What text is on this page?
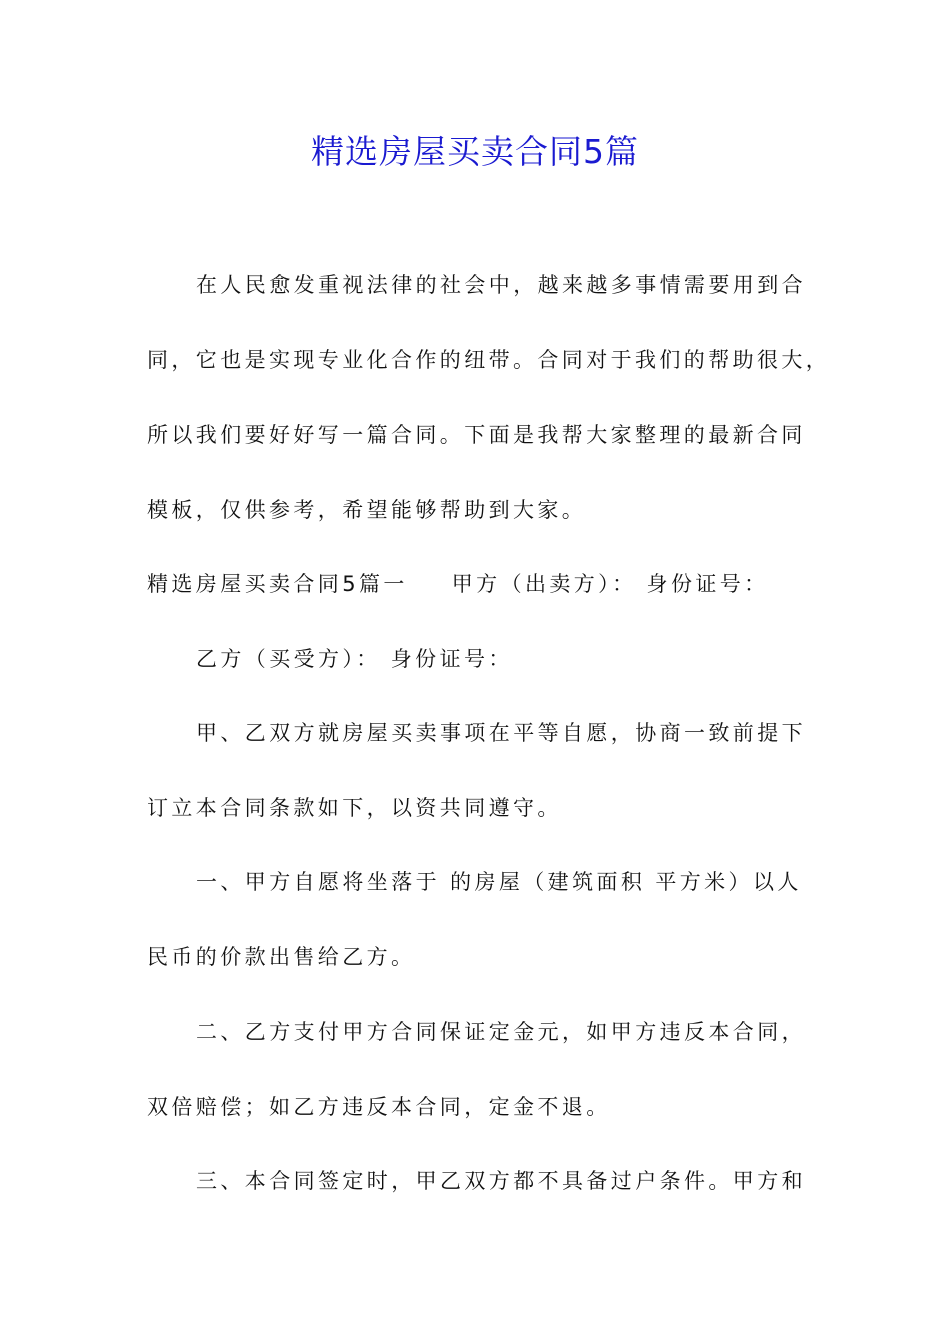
精选房屋买卖合同5篇
在人民愈发重视法律的社会中，越来越多事情需要用到合
同，它也是实现专业化合作的纽带。合同对于我们的帮助很大，
所以我们要好好写一篇合同。下面是我帮大家整理的最新合同
模板，仅供参考，希望能够帮助到大家。
精选房屋买卖合同5篇一 甲方（出卖方）： 身份证号：
乙方（买受方）： 身份证号：
甲、乙双方就房屋买卖事项在平等自愿，协商一致前提下
订立本合同条款如下，以资共同遵守。
一、甲方自愿将坐落于 的房屋（建筑面积 平方米）以人
民币的价款出售给乙方。
二、乙方支付甲方合同保证定金元，如甲方违反本合同，
双倍赔偿；如乙方违反本合同，定金不退。
三、本合同签定时，甲乙双方都不具备过户条件。甲方和
